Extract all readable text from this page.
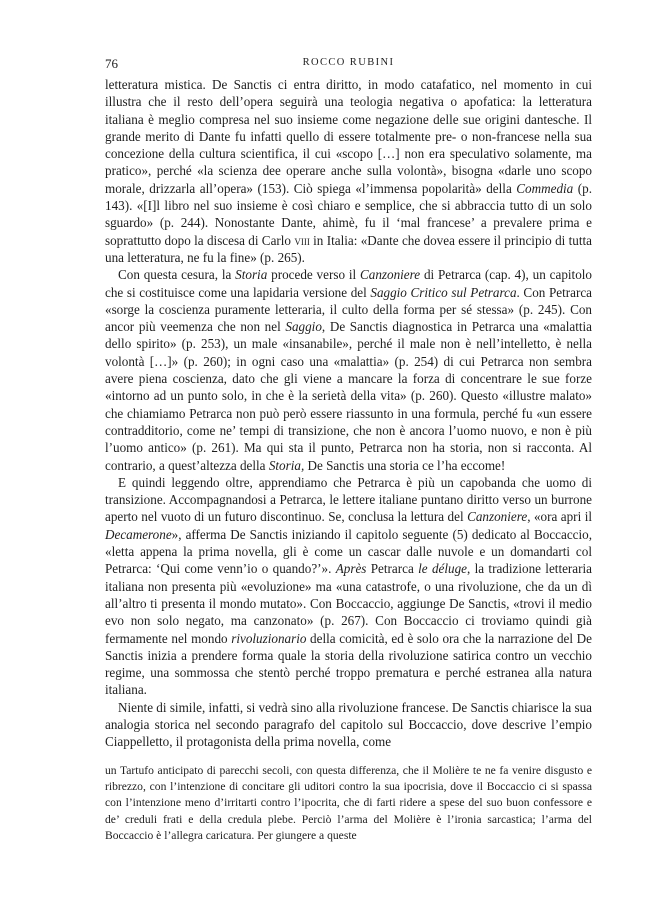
76	ROCCO RUBINI

letteratura mistica. De Sanctis ci entra diritto, in modo catafatico, nel momento in cui illustra che il resto dell’opera seguirà una teologia negativa o apofatica: la letteratura italiana è meglio compresa nel suo insieme come negazione delle sue origini dantesche. Il grande merito di Dante fu infatti quello di essere totalmente pre- o non-francese nella sua concezione della cultura scientifica, il cui «scopo […] non era speculativo solamente, ma pratico», perché «la scienza dee operare anche sulla volontà», bisogna «darle uno scopo morale, drizzarla all’opera» (153). Ciò spiega «l’immensa popolarità» della Commedia (p. 143). «[I]l libro nel suo insieme è così chiaro e semplice, che si abbraccia tutto di un solo sguardo» (p. 244). Nonostante Dante, ahimè, fu il ‘mal francese’ a prevalere prima e soprattutto dopo la discesa di Carlo viii in Italia: «Dante che dovea essere il principio di tutta una letteratura, ne fu la fine» (p. 265).

Con questa cesura, la Storia procede verso il Canzoniere di Petrarca (cap. 4), un capitolo che si costituisce come una lapidaria versione del Saggio Critico sul Petrarca. Con Petrarca «sorge la coscienza puramente letteraria, il culto della forma per sé stessa» (p. 245). Con ancor più veemenza che non nel Saggio, De Sanctis diagnostica in Petrarca una «malattia dello spirito» (p. 253), un male «insanabile», perché il male non è nell’intelletto, è nella volontà […]» (p. 260); in ogni caso una «malattia» (p. 254) di cui Petrarca non sembra avere piena coscienza, dato che gli viene a mancare la forza di concentrare le sue forze «intorno ad un punto solo, in che è la serietà della vita» (p. 260). Questo «illustre malato» che chiamiamo Petrarca non può però essere riassunto in una formula, perché fu «un essere contradditorio, come ne’ tempi di transizione, che non è ancora l’uomo nuovo, e non è più l’uomo antico» (p. 261). Ma qui sta il punto, Petrarca non ha storia, non si racconta. Al contrario, a quest’altezza della Storia, De Sanctis una storia ce l’ha eccome!

E quindi leggendo oltre, apprendiamo che Petrarca è più un capobanda che uomo di transizione. Accompagnandosi a Petrarca, le lettere italiane puntano diritto verso un burrone aperto nel vuoto di un futuro discontinuo. Se, conclusa la lettura del Canzoniere, «ora apri il Decamerone», afferma De Sanctis iniziando il capitolo seguente (5) dedicato al Boccaccio, «letta appena la prima novella, gli è come un cascar dalle nuvole e un domandarti col Petrarca: ‘Qui come venn’io o quando?’». Après Petrarca le déluge, la tradizione letteraria italiana non presenta più «evoluzione» ma «una catastrofe, o una rivoluzione, che da un dì all’altro ti presenta il mondo mutato». Con Boccaccio, aggiunge De Sanctis, «trovi il medio evo non solo negato, ma canzonato» (p. 267). Con Boccaccio ci troviamo quindi già fermamente nel mondo rivoluzionario della comicità, ed è solo ora che la narrazione del De Sanctis inizia a prendere forma quale la storia della rivoluzione satirica contro un vecchio regime, una sommossa che stentò perché troppo prematura e perché estranea alla natura italiana.

Niente di simile, infatti, si vedrà sino alla rivoluzione francese. De Sanctis chiarisce la sua analogia storica nel secondo paragrafo del capitolo sul Boccaccio, dove descrive l’empio Ciappelletto, il protagonista della prima novella, come

un Tartufo anticipato di parecchi secoli, con questa differenza, che il Molière te ne fa venire disgusto e ribrezzo, con l’intenzione di concitare gli uditori contro la sua ipocrisia, dove il Boccaccio ci si spassa con l’intenzione meno d’irritarti contro l’ipocrita, che di farti ridere a spese del suo buon confessore e de’ creduli frati e della credula plebe. Perciò l’arma del Molière è l’ironia sarcastica; l’arma del Boccaccio è l’allegra caricatura. Per giungere a queste
